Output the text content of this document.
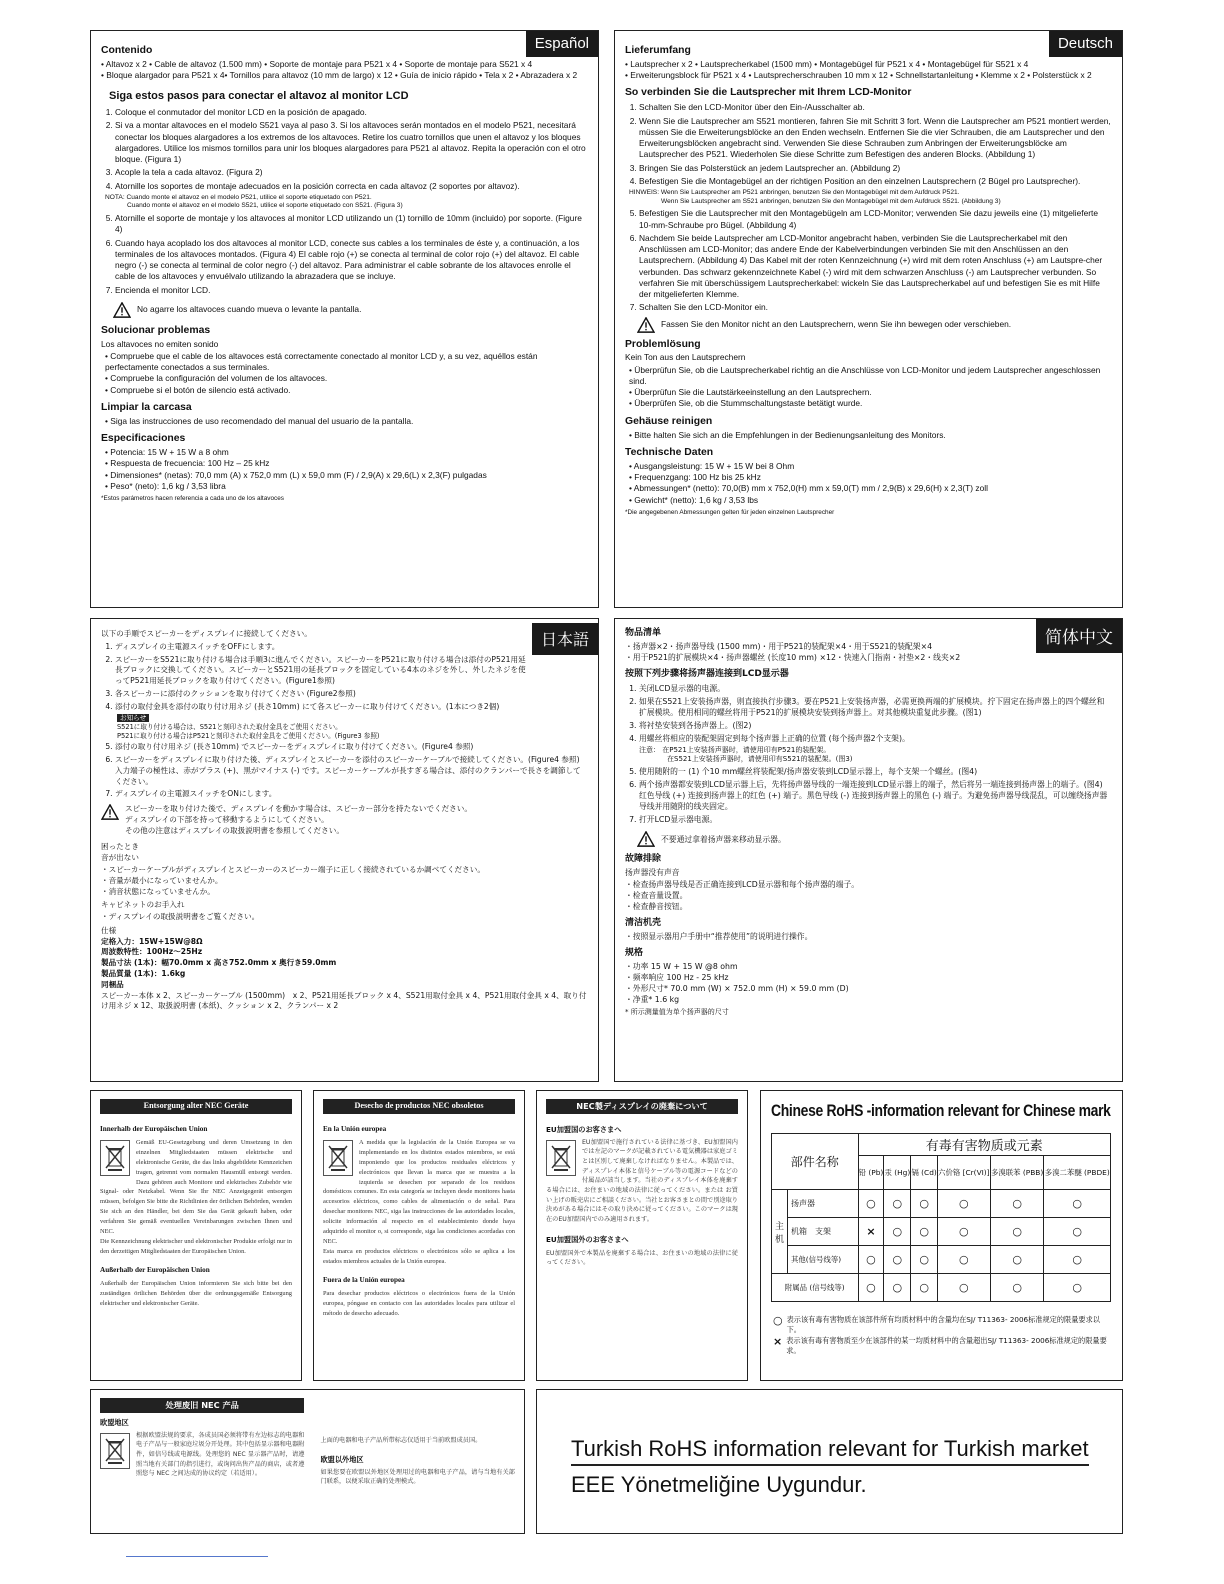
Español
Contenido

• Altavoz x 2 • Cable de altavoz (1.500 mm) • Soporte de montaje para P521 x 4 • Soporte de montaje para S521 x 4

• Bloque alargador para P521 x 4• Tornillos para altavoz (10 mm de largo) x 12 • Guía de inicio rápido • Tela x 2 • Abrazadera x 2

Siga estos pasos para conectar el altavoz al monitor LCD
1. Coloque el conmutador del monitor LCD en la posición de apagado.
2. Si va a montar altavoces en el modelo S521 vaya al paso 3. Si los altavoces serán montados en el modelo P521, necesitará conectar los bloques alargadores a los extremos de los altavoces. Retire los cuatro tornillos que unen el altavoz y los bloques alargadores. Utilice los mismos tornillos para unir los bloques alargadores para P521 al altavoz. Repita la operación con el otro bloque. (Figura 1)
3. Acople la tela a cada altavoz. (Figura 2)
4. Atornille los soportes de montaje adecuados en la posición correcta en cada altavoz (2 soportes por altavoz).
NOTA: Cuando monte el altavoz en el modelo P521, utilice el soporte etiquetado con P521.
Cuando monte el altavoz en el modelo S521, utilice el soporte etiquetado con S521. (Figura 3)
5. Atornille el soporte de montaje y los altavoces al monitor LCD utilizando un (1) tornillo de 10mm (incluido) por soporte. (Figure 4)
6. Cuando haya acoplado los dos altavoces al monitor LCD, conecte sus cables a los terminales de éste y, a continuación, a los terminales de los altavoces montados. (Figura 4) El cable rojo (+) se conecta al terminal de color rojo (+) del altavoz. El cable negro (-) se conecta al terminal de color negro (-) del altavoz. Para administrar el cable sobrante de los altavoces enrolle el cable de los altavoces y envuélvalo utilizando la abrazadera que se incluye.
7. Encienda el monitor LCD.
No agarre los altavoces cuando mueva o levante la pantalla.
Solucionar problemas

Los altavoces no emiten sonido

• Compruebe que el cable de los altavoces está correctamente conectado al monitor LCD y, a su vez, aquéllos están perfectamente conectados a sus terminales.
• Compruebe la configuración del volumen de los altavoces.
• Compruebe si el botón de silencio está activado.
Limpiar la carcasa
• Siga las instrucciones de uso recomendado del manual del usuario de la pantalla.
Especificaciones
• Potencia: 15 W + 15 W a 8 ohm
• Respuesta de frecuencia: 100 Hz – 25 kHz
• Dimensiones* (netas): 70,0 mm (A) x 752,0 mm (L) x 59,0 mm (F) / 2,9(A) x 29,6(L) x 2,3(F) pulgadas
• Peso* (neto): 1,6 kg / 3,53 libra

*Estos parámetros hacen referencia a cada uno de los altavoces

Deutsch
Lieferumfang

• Lautsprecher x 2 • Lautsprecherkabel (1500 mm) • Montagebügel für P521 x 4 • Montagebügel für S521 x 4

• Erweiterungsblock für P521 x 4 • Lautsprecherschrauben 10 mm x 12 • Schnellstartanleitung • Klemme x 2 • Polsterstück x 2

So verbinden Sie die Lautsprecher mit Ihrem LCD-Monitor
1. Schalten Sie den LCD-Monitor über den Ein-/Ausschalter ab.
2. Wenn Sie die Lautsprecher am S521 montieren, fahren Sie mit Schritt 3 fort. Wenn die Lautsprecher am P521 montiert werden, müssen Sie die Erweiterungsblöcke an den Enden wechseln. Entfernen Sie die vier Schrauben, die am Lautsprecher und den Erweiterungsblöcken angebracht sind. Verwenden Sie diese Schrauben zum Anbringen der Erweiterungsblöcke am Lautsprecher des P521. Wiederholen Sie diese Schritte zum Befestigen des anderen Blocks. (Abbildung 1)
3. Bringen Sie das Polsterstück an jedem Lautsprecher an. (Abbildung 2)
4. Befestigen Sie die Montagebügel an der richtigen Position an den einzelnen Lautsprechern (2 Bügel pro Lautsprecher).
HINWEIS: Wenn Sie Lautsprecher am P521 anbringen, benutzen Sie den Montagebügel mit dem Aufdruck P521.
Wenn Sie Lautsprecher am S521 anbringen, benutzen Sie den Montagebügel mit dem Aufdruck S521. (Abbildung 3)
5. Befestigen Sie die Lautsprecher mit den Montagebügeln am LCD-Monitor; verwenden Sie dazu jeweils eine (1) mitgelieferte 10-mm-Schraube pro Bügel. (Abbildung 4)
6. Nachdem Sie beide Lautsprecher am LCD-Monitor angebracht haben, verbinden Sie die Lautsprecherkabel mit den Anschlüssen am LCD-Monitor; das andere Ende der Kabelverbindungen verbinden Sie mit den Anschlüssen an den Lautsprechern. (Abbildung 4) Das Kabel mit der roten Kennzeichnung (+) wird mit dem roten Anschluss (+) am Lautspre-cher verbunden. Das schwarz gekennzeichnete Kabel (-) wird mit dem schwarzen Anschluss (-) am Lautsprecher verbunden. So verfahren Sie mit überschüssigem Lautsprecherkabel: wickeln Sie das Lautsprecherkabel auf und befestigen Sie es mit Hilfe der mitgelieferten Klemme.
7. Schalten Sie den LCD-Monitor ein.
Fassen Sie den Monitor nicht an den Lautsprechern, wenn Sie ihn bewegen oder verschieben.
Problemlösung

Kein Ton aus den Lautsprechern

• Überprüfun Sie, ob die Lautsprecherkabel richtig an die Anschlüsse von LCD-Monitor und jedem Lautsprecher angeschlossen sind.
• Überprüfun Sie die Lautstärkeeinstellung an den Lautsprechern.
• Überprüfen Sie, ob die Stummschaltungstaste betätigt wurde.
Gehäuse reinigen
• Bitte halten Sie sich an die Empfehlungen in der Bedienungsanleitung des Monitors.
Technische Daten
• Ausgangsleistung: 15 W + 15 W bei 8 Ohm
• Frequenzgang: 100 Hz bis 25 kHz
• Abmessungen* (netto): 70,0(B) mm x 752,0(H) mm x 59,0(T) mm / 2,9(B) x 29,6(H) x 2,3(T) zoll
• Gewicht* (netto): 1,6 kg / 3,53 lbs

*Die angegebenen Abmessungen gelten für jeden einzelnen Lautsprecher

日本語

以下の手順でスピーカーをディスプレイに接続してください。

1. ディスプレイの主電源スイッチをOFFにします。
2. スピーカーをS521に取り付ける場合は手順3に進んでください。スピーカーをP521に取り付ける場合は添付のP521用延長ブロックに交換してください。スピーカーとS521用の延長ブロックを固定している4本のネジを外し、外したネジを使ってP521用延長ブロックを取り付けてください。(Figure1参照)
3. 各スピーカーに添付のクッションを取り付けてください (Figure2参照)
4. 添付の取付金具を添付の取り付け用ネジ (長さ10mm) にて各スピーカーに取り付けてください。(1本につき2個)
お知らせ
S521に取り付ける場合は、S521と刻印された取付金具をご使用ください。
P521に取り付ける場合はP521と刻印された取付金具をご使用ください。(Figure3 参照)
5. 添付の取り付け用ネジ (長さ10mm) でスピーカーをディスプレイに取り付けてください。(Figure4 参照)
6. スピーカーをディスプレイに取り付けた後、ディスプレイとスピーカーを添付のスピーカーケーブルで接続してください。(Figure4 参照) 入力端子の極性は、赤がプラス (+)、黒がマイナス (-) です。スピーカーケーブルが長すぎる場合は、添付のクランパーで長さを調節してください。
7. ディスプレイの主電源スイッチをONにします。
スピーカーを取り付けた後で、ディスプレイを動かす場合は、スピーカー部分を持たないでください。
ディスプレイの下部を持って移動するようにしてください。
その他の注意はディスプレイの取扱説明書を参照してください。

困ったとき

音が出ない

・ スピーカーケーブルがディスプレイとスピーカーのスピーカー端子に正しく接続されているか調べてください。
・ 音量が最小になっていませんか。
・ 消音状態になっていませんか。

キャビネットのお手入れ

・ ディスプレイの取扱説明書をご覧ください。

仕様

定格入力：15W+15W@8Ω
周波数特性：100Hz～25Hz
製品寸法 (1本)：幅70.0mm x 高さ752.0mm x 奥行き59.0mm
製品質量 (1本)：1.6kg

同梱品

スピーカー本体 x 2、スピーカーケーブル (1500mm)　x 2、P521用延長ブロック x 4、S521用取付金具 x 4、P521用取付金具 x 4、取り付け用ネジ x 12、取扱説明書 (本紙)、クッション x 2、クランパー x 2

简体中文
物品清单

・扬声器×2・扬声器导线 (1500 mm)・用于P521的装配架×4・用于S521的装配架×4

・用于P521的扩展模块×4・扬声器螺丝 (长度10 mm) ×12・快速入门指南・衬垫×2・线夹×2

按照下列步骤将扬声器连接到LCD显示器
1. 关闭LCD显示器的电源。
2. 如果在S521上安装扬声器，则直接执行步骤3。要在P521上安装扬声器，必需更换两端的扩展模块。拧下固定在扬声器上的四个螺丝和扩展模块。使用相同的螺丝将用于P521的扩展模块安装到扬声器上。对其他模块重复此步骤。(图1)
3. 将衬垫安装到各扬声器上。(图2)
4. 用螺丝将相应的装配架固定到每个扬声器上正确的位置 (每个扬声器2个支架)。
注意： 在P521上安装扬声器时，请使用印有P521的装配架。
在S521上安装扬声器时，请使用印有S521的装配架。(图3)
5. 使用随附的一 (1) 个10 mm螺丝将装配架/扬声器安装到LCD显示器上，每个支架一个螺丝。(图4)
6. 两个扬声器都安装到LCD显示器上后，先将扬声器导线的一端连接到LCD显示器上的端子，然后将另一端连接到扬声器上的端子。(图4) 红色导线 (+) 连接到扬声器上的红色 (+) 端子。黑色导线 (-) 连接到扬声器上的黑色 (-) 端子。为避免扬声器导线混乱，可以缠绕扬声器导线并用随附的线夹固定。
7. 打开LCD显示器电源。
不要通过拿着扬声器来移动显示器。
故障排除

扬声器没有声音

・ 检查扬声器导线是否正确连接到LCD显示器和每个扬声器的端子。
・ 检查音量设置。
・ 检查静音按钮。
清洁机壳
・ 按照显示器用户手册中“推荐使用”的说明进行操作。
规格
・ 功率 15 W + 15 W @8 ohm
・ 频率响应 100 Hz - 25 kHz
・ 外形尺寸* 70.0 mm (W) × 752.0 mm (H) × 59.0 mm (D)
・ 净重* 1.6 kg

* 所示测量值为单个扬声器的尺寸

Entsorgung alter NEC Geräte
Innerhalb der Europäischen Union

Gemäß EU-Gesetzgebung und deren Umsetzung in den einzelnen Mitgliedstaaten müssen elektrische und elektronische Geräte, die das links abgebildete Kennzeichen tragen, getrennt vom normalen Hausmüll entsorgt werden. Dazu gehören auch Monitore und elektrisches Zubehör wie Signal- oder Netzkabel. Wenn Sie Ihr NEC Anzeigegerät entsorgen müssen, befolgen Sie bitte die Richtlinien der örtlichen Behörden, wenden Sie sich an den Händler, bei dem Sie das Gerät gekauft haben, oder verfahren Sie gemäß eventuellen Vereinbarungen zwischen Ihnen und NEC.

Die Kennzeichnung elektrischer und elektronischer Produkte erfolgt nur in den derzeitigen Mitgliedstaaten der Europäischen Union.

Außerhalb der Europäischen Union

Außerhalb der Europäischen Union informieren Sie sich bitte bei den zuständigen örtlichen Behörden über die ordnungsgemäße Entsorgung elektrischer und elektronischer Geräte.

Desecho de productos NEC obsoletos
En la Unión europea

A medida que la legislación de la Unión Europea se va implementando en los distintos estados miembros, se está imponiendo que los productos residuales eléctricos y electrónicos que llevan la marca que se muestra a la izquierda se desechen por separado de los residuos domésticos comunes. En esta categoría se incluyen desde monitores hasta accesorios eléctricos, como cables de alimentación o de señal. Para desechar monitores NEC, siga las instrucciones de las autoridades locales, solicite información al respecto en el establecimiento donde haya adquirido el monitor o, si corresponde, siga las condiciones acordadas con NEC.

Esta marca en productos eléctricos o electrónicos sólo se aplica a los estados miembros actuales de la Unión europea.

Fuera de la Unión europea

Para desechar productos eléctricos o electrónicos fuera de la Unión europea, póngase en contacto con las autoridades locales para utilizar el método de desecho adecuado.

NEC製ディスプレイの廃棄について
EU加盟国のお客さまへ

EU加盟国で施行されている法律に基づき、EU加盟国内では左記のマークが記載されている電気機器は家庭ゴミとは区別して廃棄しなければなりません。本製品では、ディスプレイ本体と信号ケーブル等の電源コードなどの付属品が該当します。当社のディスプレイ本体を廃棄する場合には、お住まいの地域の法律に従ってください。または お買い上げの販売店にご相談ください。当社とお客さまとの間で別途取り決めがある場合にはその取り決めに従ってください。このマークは現在のEU加盟国内でのみ適用されます。

EU加盟国外のお客さまへ

EU加盟国外で本製品を廃棄する場合は、お住まいの地域の法律に従ってください。

Chinese RoHS -information relevant for Chinese mark
部件名称		有毒有害物质或元素					
		铅 (Pb)	汞 (Hg)	镉 (Cd)	六价铬 [Cr(VI)]	多溴联苯 (PBB)	多溴二苯醚 (PBDE)
主机	扬声器	○	○	○	○	○	○
	机箱　支架	×	○	○	○	○	○
	其他(信号线等)	○	○	○	○	○	○
附属品 (信号线等)		○	○	○	○	○	○
○ 表示该有毒有害物质在该部件所有均质材料中的含量均在SJ/ T11363- 2006标准规定的限量要求以下。
× 表示该有毒有害物质至少在该部件的某一均质材料中的含量超出SJ/ T11363- 2006标准规定的限量要求。
处理废旧 NEC 产品
欧盟地区

根据欧盟法规的要求，各成员国必须将带有左边标志的电器和电子产品与一般家庭垃圾分开处理。其中包括显示器和电器附件，如信号线或电源线。处理您的 NEC 显示器产品时，请遵照当地有关部门的指引进行，或询问出售产品的商店，或者遵照您与 NEC 之间达成的协议约定（若适用）。

上面的电器和电子产品所带标志仅适用于当前欧盟成员国。

欧盟以外地区

如果您要在欧盟以外地区处理用过的电器和电子产品，请与当地有关部门联系，以便采取正确的处理模式。

Turkish RoHS information relevant for Turkish market
EEE Yönetmeliğine Uygundur.
